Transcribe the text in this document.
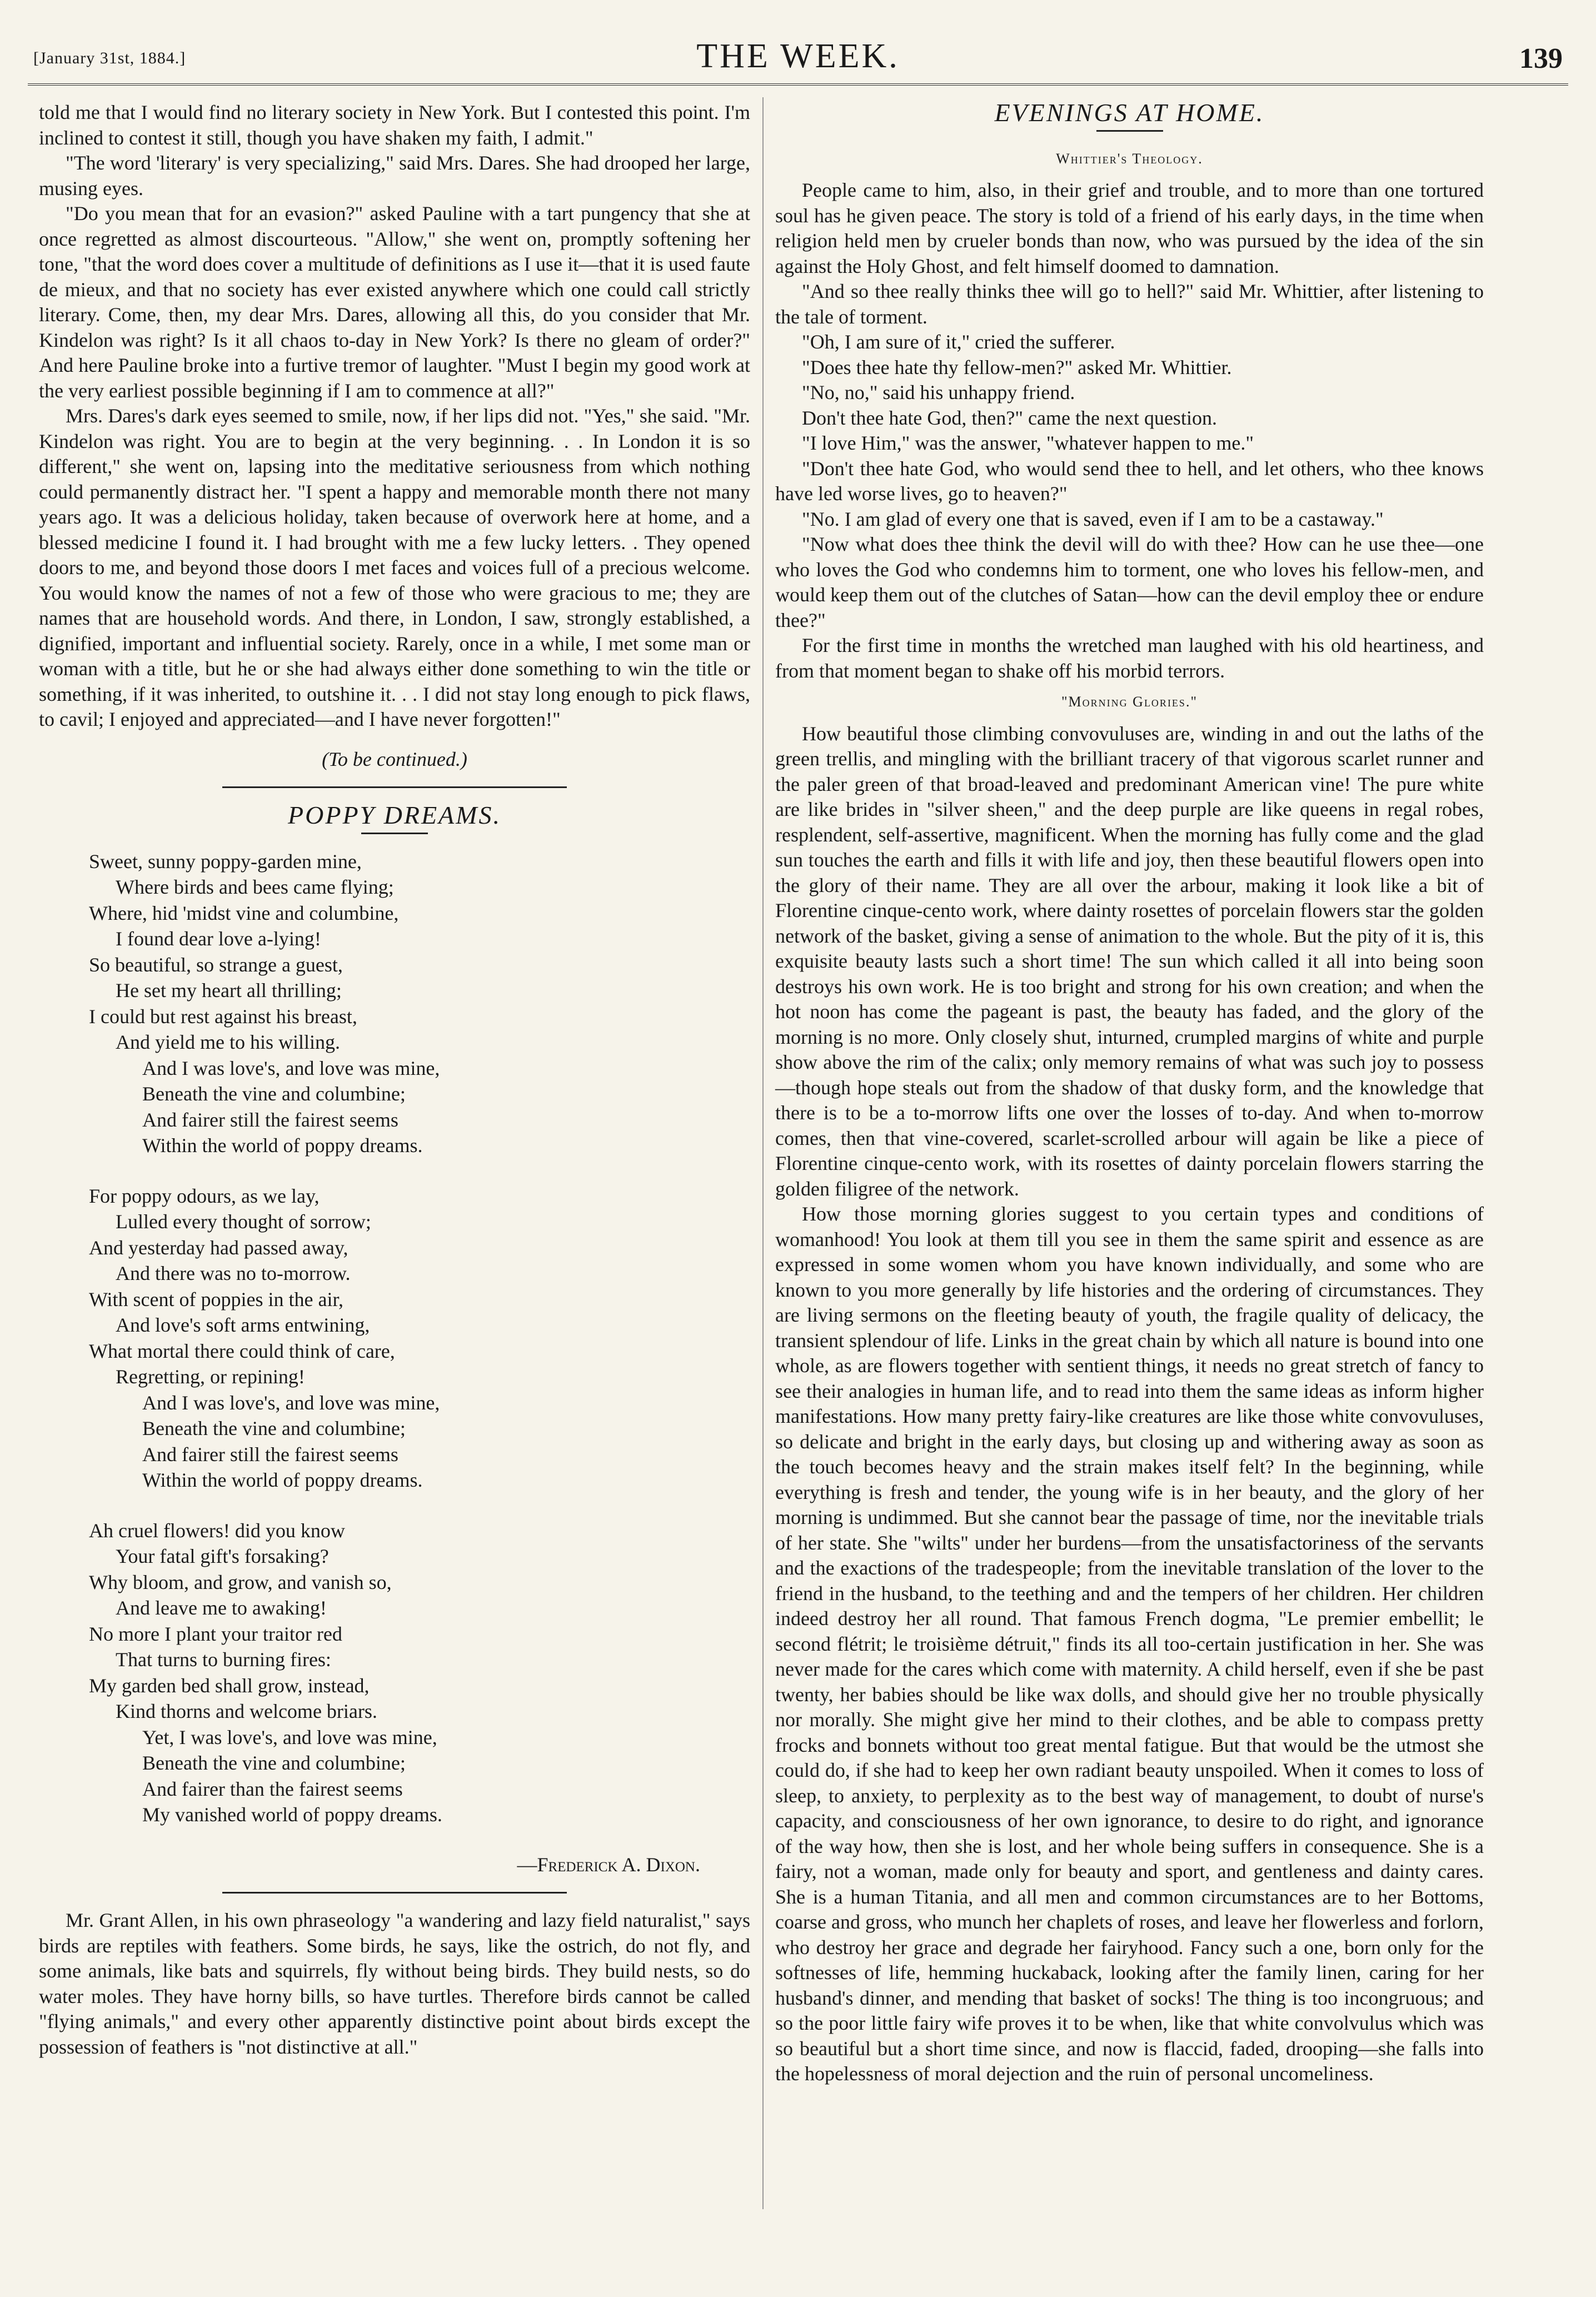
[January 31st, 1884.]	THE WEEK.	139

told me that I would find no literary society in New York. But I contested this point. I'm inclined to contest it still, though you have shaken my faith, I admit."

"The word 'literary' is very specializing," said Mrs. Dares. She had drooped her large, musing eyes.

"Do you mean that for an evasion?" asked Pauline with a tart pungency that she at once regretted as almost discourteous. "Allow," she went on, promptly softening her tone, "that the word does cover a multitude of definitions as I use it—that it is used faute de mieux, and that no society has ever existed anywhere which one could call strictly literary. Come, then, my dear Mrs. Dares, allowing all this, do you consider that Mr. Kindelon was right? Is it all chaos to-day in New York? Is there no gleam of order?" And here Pauline broke into a furtive tremor of laughter. "Must I begin my good work at the very earliest possible beginning if I am to commence at all?"

Mrs. Dares's dark eyes seemed to smile, now, if her lips did not. "Yes," she said. "Mr. Kindelon was right. You are to begin at the very beginning. . . In London it is so different," she went on, lapsing into the meditative seriousness from which nothing could permanently distract her. "I spent a happy and memorable month there not many years ago. It was a delicious holiday, taken because of overwork here at home, and a blessed medicine I found it. I had brought with me a few lucky letters. . They opened doors to me, and beyond those doors I met faces and voices full of a precious welcome. You would know the names of not a few of those who were gracious to me; they are names that are household words. And there, in London, I saw, strongly established, a dignified, important and influential society. Rarely, once in a while, I met some man or woman with a title, but he or she had always either done something to win the title or something, if it was inherited, to outshine it. . . I did not stay long enough to pick flaws, to cavil; I enjoyed and appreciated—and I have never forgotten!"

(To be continued.)
POPPY DREAMS.
Sweet, sunny poppy-garden mine,
Where birds and bees came flying;
Where, hid 'midst vine and columbine,
I found dear love a-lying!
So beautiful, so strange a guest,
He set my heart all thrilling;
I could but rest against his breast,
And yield me to his willing.
And I was love's, and love was mine,
Beneath the vine and columbine;
And fairer still the fairest seems
Within the world of poppy dreams.
For poppy odours, as we lay,
Lulled every thought of sorrow;
And yesterday had passed away,
And there was no to-morrow.
With scent of poppies in the air,
And love's soft arms entwining,
What mortal there could think of care,
Regretting, or repining!
And I was love's, and love was mine,
Beneath the vine and columbine;
And fairer still the fairest seems
Within the world of poppy dreams.
Ah cruel flowers! did you know
Your fatal gift's forsaking?
Why bloom, and grow, and vanish so,
And leave me to awaking!
No more I plant your traitor red
That turns to burning fires:
My garden bed shall grow, instead,
Kind thorns and welcome briars.
Yet, I was love's, and love was mine,
Beneath the vine and columbine;
And fairer than the fairest seems
My vanished world of poppy dreams.
—Frederick A. Dixon.

Mr. Grant Allen, in his own phraseology "a wandering and lazy field naturalist," says birds are reptiles with feathers. Some birds, he says, like the ostrich, do not fly, and some animals, like bats and squirrels, fly without being birds. They build nests, so do water moles. They have horny bills, so have turtles. Therefore birds cannot be called "flying animals," and every other apparently distinctive point about birds except the possession of feathers is "not distinctive at all."

EVENINGS AT HOME.
Whittier's Theology.

People came to him, also, in their grief and trouble, and to more than one tortured soul has he given peace. The story is told of a friend of his early days, in the time when religion held men by crueler bonds than now, who was pursued by the idea of the sin against the Holy Ghost, and felt himself doomed to damnation.

"And so thee really thinks thee will go to hell?" said Mr. Whittier, after listening to the tale of torment.

"Oh, I am sure of it," cried the sufferer.

"Does thee hate thy fellow-men?" asked Mr. Whittier.

"No, no," said his unhappy friend.

Don't thee hate God, then?" came the next question.

"I love Him," was the answer, "whatever happen to me."

"Don't thee hate God, who would send thee to hell, and let others, who thee knows have led worse lives, go to heaven?"

"No. I am glad of every one that is saved, even if I am to be a castaway."

"Now what does thee think the devil will do with thee? How can he use thee—one who loves the God who condemns him to torment, one who loves his fellow-men, and would keep them out of the clutches of Satan—how can the devil employ thee or endure thee?"

For the first time in months the wretched man laughed with his old heartiness, and from that moment began to shake off his morbid terrors.

"Morning Glories."

How beautiful those climbing convovuluses are, winding in and out the laths of the green trellis, and mingling with the brilliant tracery of that vigorous scarlet runner and the paler green of that broad-leaved and predominant American vine! The pure white are like brides in "silver sheen," and the deep purple are like queens in regal robes, resplendent, self-assertive, magnificent. When the morning has fully come and the glad sun touches the earth and fills it with life and joy, then these beautiful flowers open into the glory of their name. They are all over the arbour, making it look like a bit of Florentine cinque-cento work, where dainty rosettes of porcelain flowers star the golden network of the basket, giving a sense of animation to the whole. But the pity of it is, this exquisite beauty lasts such a short time! The sun which called it all into being soon destroys his own work. He is too bright and strong for his own creation; and when the hot noon has come the pageant is past, the beauty has faded, and the glory of the morning is no more. Only closely shut, inturned, crumpled margins of white and purple show above the rim of the calix; only memory remains of what was such joy to possess—though hope steals out from the shadow of that dusky form, and the knowledge that there is to be a to-morrow lifts one over the losses of to-day. And when to-morrow comes, then that vine-covered, scarlet-scrolled arbour will again be like a piece of Florentine cinque-cento work, with its rosettes of dainty porcelain flowers starring the golden filigree of the network.

How those morning glories suggest to you certain types and conditions of womanhood! You look at them till you see in them the same spirit and essence as are expressed in some women whom you have known individually, and some who are known to you more generally by life histories and the ordering of circumstances. They are living sermons on the fleeting beauty of youth, the fragile quality of delicacy, the transient splendour of life. Links in the great chain by which all nature is bound into one whole, as are flowers together with sentient things, it needs no great stretch of fancy to see their analogies in human life, and to read into them the same ideas as inform higher manifestations. How many pretty fairy-like creatures are like those white convovuluses, so delicate and bright in the early days, but closing up and withering away as soon as the touch becomes heavy and the strain makes itself felt? In the beginning, while everything is fresh and tender, the young wife is in her beauty, and the glory of her morning is undimmed. But she cannot bear the passage of time, nor the inevitable trials of her state. She "wilts" under her burdens—from the unsatisfactoriness of the servants and the exactions of the tradespeople; from the inevitable translation of the lover to the friend in the husband, to the teething and and the tempers of her children. Her children indeed destroy her all round. That famous French dogma, "Le premier embellit; le second flétrit; le troisième détruit," finds its all too-certain justification in her. She was never made for the cares which come with maternity. A child herself, even if she be past twenty, her babies should be like wax dolls, and should give her no trouble physically nor morally. She might give her mind to their clothes, and be able to compass pretty frocks and bonnets without too great mental fatigue. But that would be the utmost she could do, if she had to keep her own radiant beauty unspoiled. When it comes to loss of sleep, to anxiety, to perplexity as to the best way of management, to doubt of nurse's capacity, and consciousness of her own ignorance, to desire to do right, and ignorance of the way how, then she is lost, and her whole being suffers in consequence. She is a fairy, not a woman, made only for beauty and sport, and gentleness and dainty cares. She is a human Titania, and all men and common circumstances are to her Bottoms, coarse and gross, who munch her chaplets of roses, and leave her flowerless and forlorn, who destroy her grace and degrade her fairyhood. Fancy such a one, born only for the softnesses of life, hemming huckaback, looking after the family linen, caring for her husband's dinner, and mending that basket of socks! The thing is too incongruous; and so the poor little fairy wife proves it to be when, like that white convolvulus which was so beautiful but a short time since, and now is flaccid, faded, drooping—she falls into the hopelessness of moral dejection and the ruin of personal uncomeliness.
